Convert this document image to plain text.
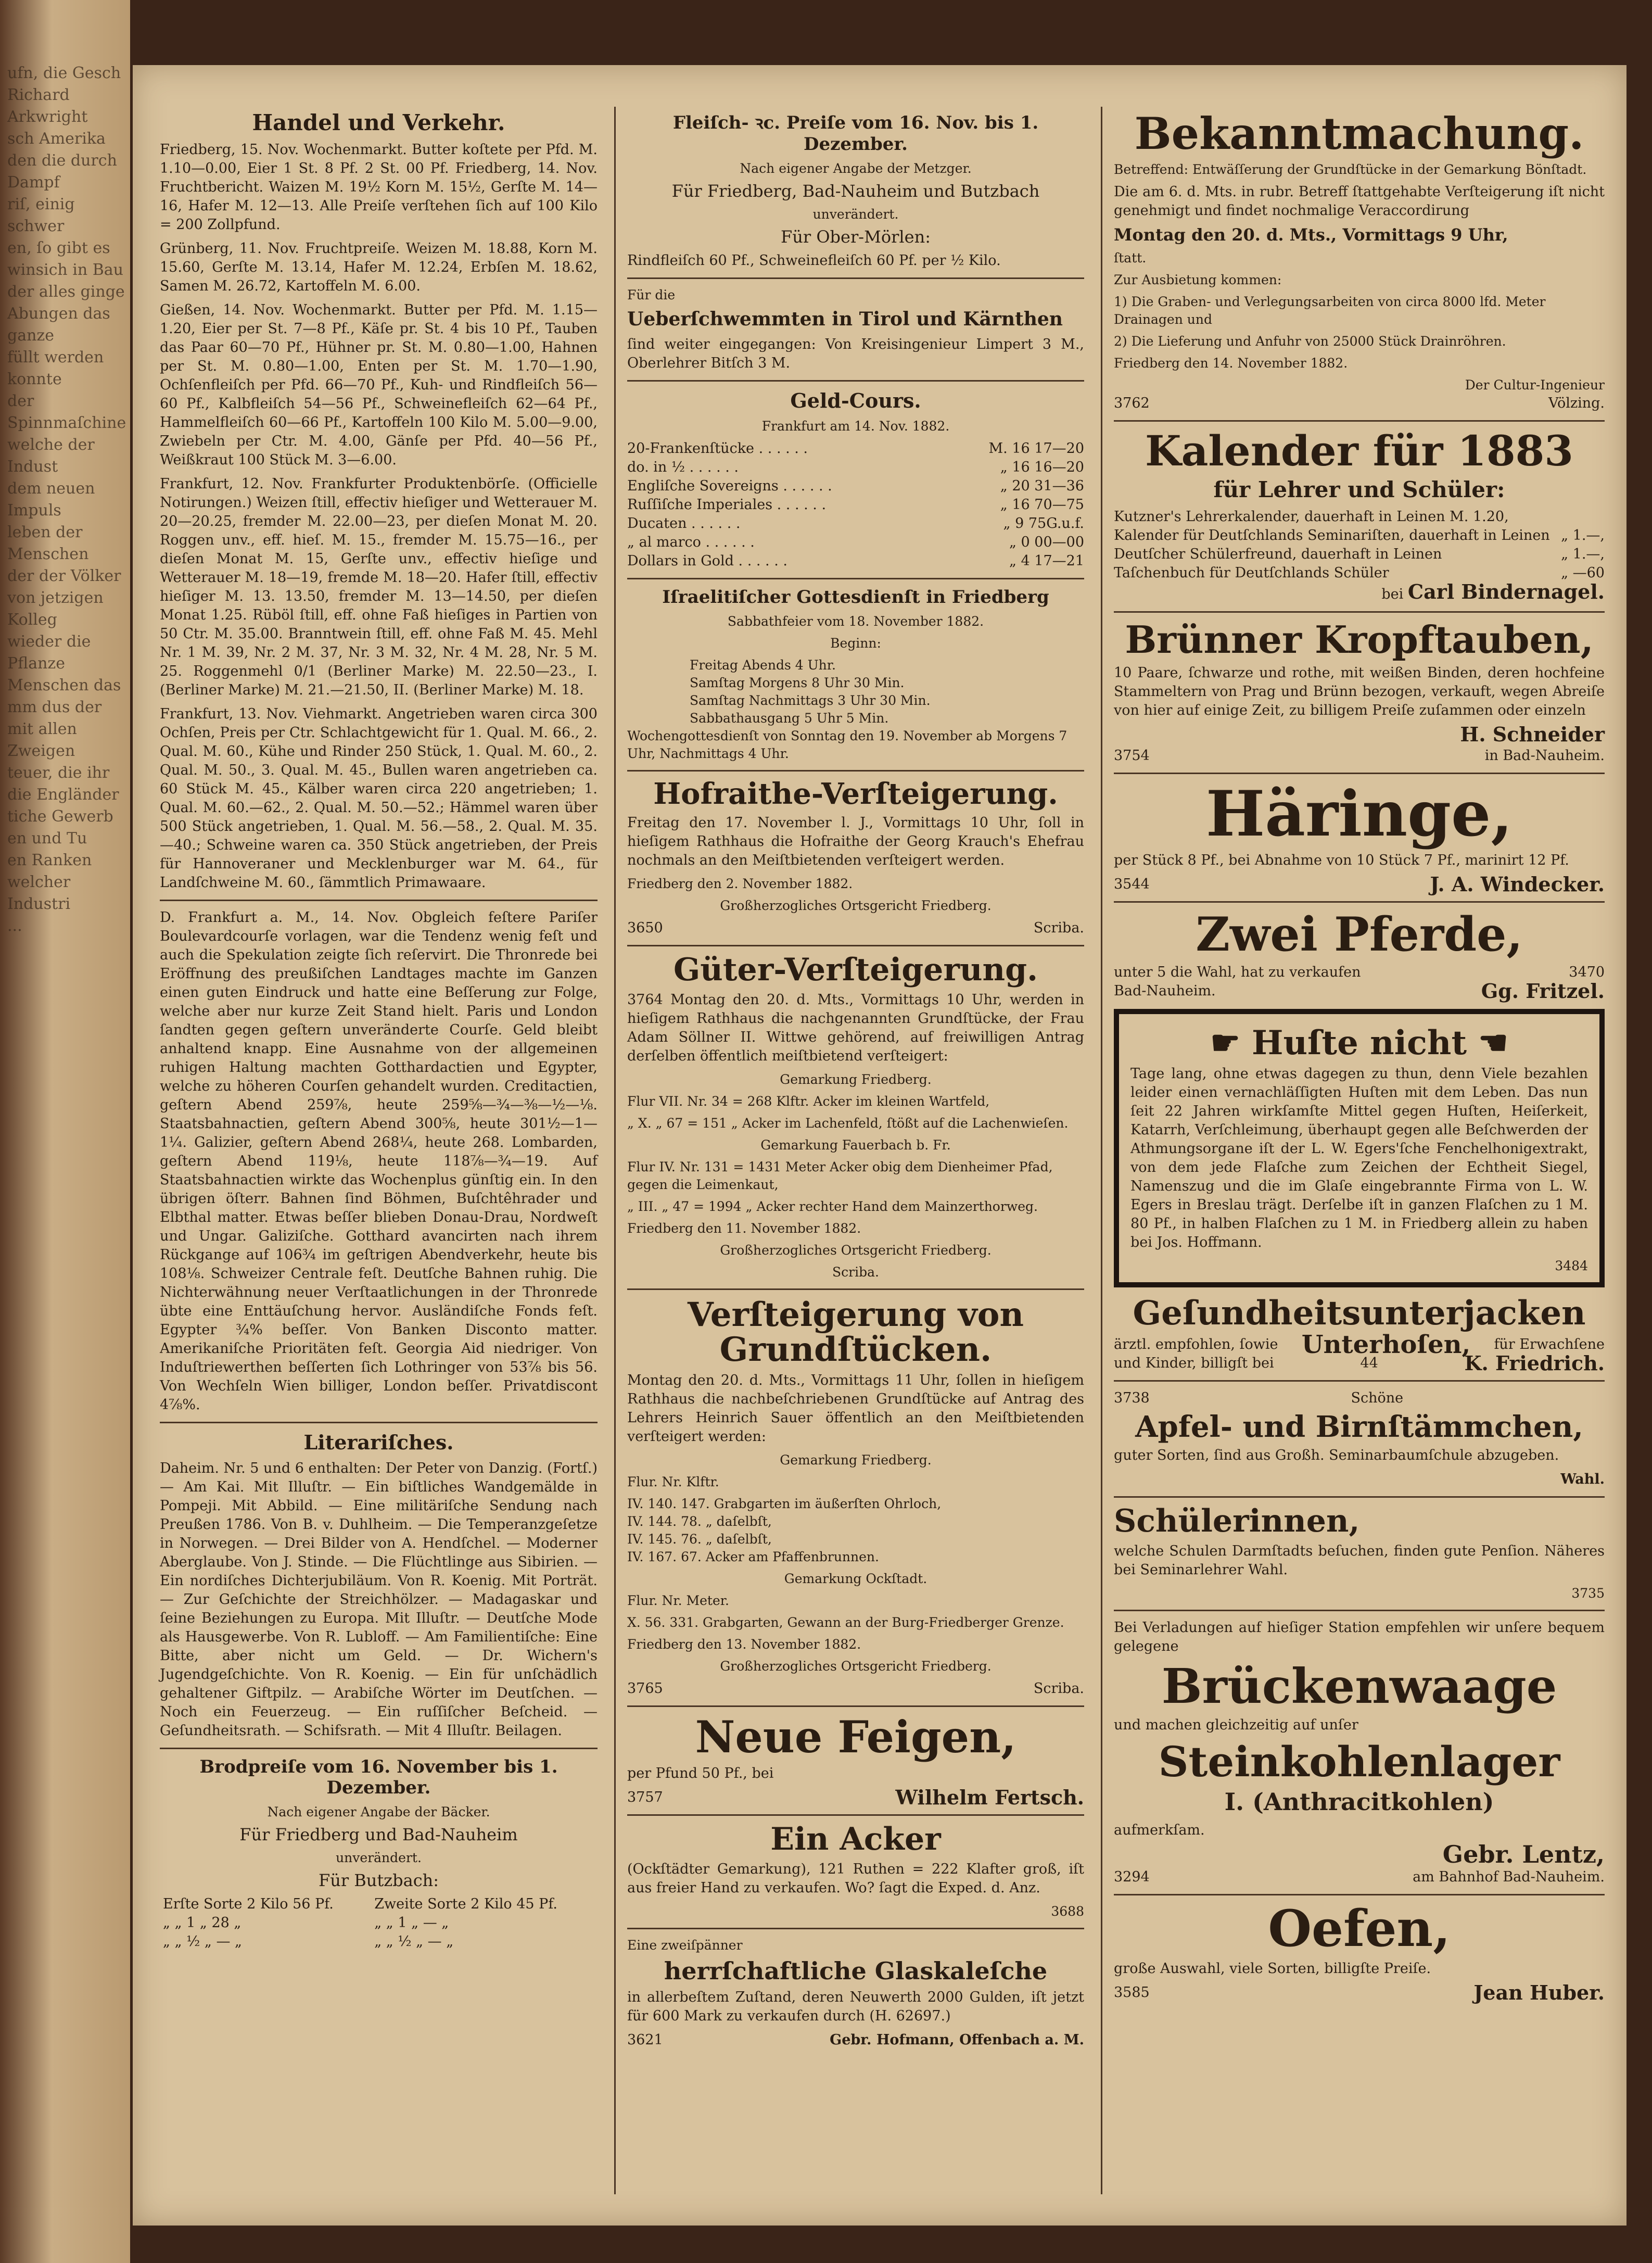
ufn, die Gesch
Richard Arkwright
sch Amerika
den die durch Dampf
riſ, einig schwer
en, ſo gibt es
winsich in Bau
der alles ginge
Abungen das ganze
füllt werden konnte
der Spinnmaſchine
welche der Indust
dem neuen Impuls
leben der Menschen
der der Völker
von jetzigen Kolleg
wieder die Pflanze
Menschen das
mm dus der
mit allen Zweigen
teuer, die ihr
die Engländer
tiche Gewerb
en und Tu
en Ranken
welcher Industri
...

Handel und Verkehr.

Friedberg, 15. Nov. Wochenmarkt. Butter koſtete per Pfd. M. 1.10—0.00, Eier 1 St. 8 Pf. 2 St. 00 Pf. Friedberg, 14. Nov. Fruchtbericht. Waizen M. 19½ Korn M. 15½, Gerſte M. 14—16, Hafer M. 12—13. Alle Preiſe verſtehen ſich auf 100 Kilo = 200 Zollpfund.

Grünberg, 11. Nov. Fruchtpreiſe. Weizen M. 18.88, Korn M. 15.60, Gerſte M. 13.14, Hafer M. 12.24, Erbſen M. 18.62, Samen M. 26.72, Kartoffeln M. 6.00.

Gießen, 14. Nov. Wochenmarkt. Butter per Pfd. M. 1.15—1.20, Eier per St. 7—8 Pf., Käſe pr. St. 4 bis 10 Pf., Tauben das Paar 60—70 Pf., Hühner pr. St. M. 0.80—1.00, Hahnen per St. M. 0.80—1.00, Enten per St. M. 1.70—1.90, Ochſenfleiſch per Pfd. 66—70 Pf., Kuh- und Rindfleiſch 56—60 Pf., Kalbfleiſch 54—56 Pf., Schweinefleiſch 62—64 Pf., Hammelfleiſch 60—66 Pf., Kartoffeln 100 Kilo M. 5.00—9.00, Zwiebeln per Ctr. M. 4.00, Gänſe per Pfd. 40—56 Pf., Weißkraut 100 Stück M. 3—6.00.

Frankfurt, 12. Nov. Frankfurter Produktenbörſe. (Officielle Notirungen.) Weizen ſtill, effectiv hieſiger und Wetterauer M. 20—20.25, fremder M. 22.00—23, per dieſen Monat M. 20. Roggen unv., eff. hieſ. M. 15., fremder M. 15.75—16., per dieſen Monat M. 15, Gerſte unv., effectiv hieſige und Wetterauer M. 18—19, fremde M. 18—20. Hafer ſtill, effectiv hieſiger M. 13. 13.50, fremder M. 13—14.50, per dieſen Monat 1.25. Rüböl ſtill, eff. ohne Faß hieſiges in Partien von 50 Ctr. M. 35.00. Branntwein ſtill, eff. ohne Faß M. 45. Mehl Nr. 1 M. 39, Nr. 2 M. 37, Nr. 3 M. 32, Nr. 4 M. 28, Nr. 5 M. 25. Roggenmehl 0/1 (Berliner Marke) M. 22.50—23., I. (Berliner Marke) M. 21.—21.50, II. (Berliner Marke) M. 18.

Frankfurt, 13. Nov. Viehmarkt. Angetrieben waren circa 300 Ochſen, Preis per Ctr. Schlachtgewicht für 1. Qual. M. 66., 2. Qual. M. 60., Kühe und Rinder 250 Stück, 1. Qual. M. 60., 2. Qual. M. 50., 3. Qual. M. 45., Bullen waren angetrieben ca. 60 Stück M. 45., Kälber waren circa 220 angetrieben; 1. Qual. M. 60.—62., 2. Qual. M. 50.—52.; Hämmel waren über 500 Stück angetrieben, 1. Qual. M. 56.—58., 2. Qual. M. 35.—40.; Schweine waren ca. 350 Stück angetrieben, der Preis für Hannoveraner und Mecklenburger war M. 64., für Landſchweine M. 60., ſämmtlich Primawaare.

D. Frankfurt a. M., 14. Nov. Obgleich feſtere Pariſer Boulevardcourſe vorlagen, war die Tendenz wenig feſt und auch die Spekulation zeigte ſich reſervirt. Die Thronrede bei Eröffnung des preußiſchen Landtages machte im Ganzen einen guten Eindruck und hatte eine Beſſerung zur Folge, welche aber nur kurze Zeit Stand hielt. Paris und London ſandten gegen geſtern unveränderte Courſe. Geld bleibt anhaltend knapp. Eine Ausnahme von der allgemeinen ruhigen Haltung machten Gotthardactien und Egypter, welche zu höheren Courſen gehandelt wurden. Creditactien, geſtern Abend 259⅞, heute 259⅝—¾—⅜—½—⅛. Staatsbahnactien, geſtern Abend 300⅝, heute 301½—1—1¼. Galizier, geſtern Abend 268¼, heute 268. Lombarden, geſtern Abend 119⅛, heute 118⅞—¾—19. Auf Staatsbahnactien wirkte das Wochenplus günſtig ein. In den übrigen öſterr. Bahnen ſind Böhmen, Buſchtêhrader und Elbthal matter. Etwas beſſer blieben Donau-Drau, Nordweſt und Ungar. Galiziſche. Gotthard avancirten nach ihrem Rückgange auf 106¾ im geſtrigen Abendverkehr, heute bis 108⅛. Schweizer Centrale feſt. Deutſche Bahnen ruhig. Die Nichterwähnung neuer Verſtaatlichungen in der Thronrede übte eine Enttäuſchung hervor. Ausländiſche Fonds feſt. Egypter ¾% beſſer. Von Banken Disconto matter. Amerikaniſche Prioritäten feſt. Georgia Aid niedriger. Von Induſtriewerthen beſſerten ſich Lothringer von 53⅞ bis 56. Von Wechſeln Wien billiger, London beſſer. Privatdiscont 4⅞%.

Literariſches.

Daheim. Nr. 5 und 6 enthalten: Der Peter von Danzig. (Fortſ.) — Am Kai. Mit Illuſtr. — Ein biſtliches Wandgemälde in Pompeji. Mit Abbild. — Eine militäriſche Sendung nach Preußen 1786. Von B. v. Duhlheim. — Die Temperanzgeſetze in Norwegen. — Drei Bilder von A. Hendſchel. — Moderner Aberglaube. Von J. Stinde. — Die Flüchtlinge aus Sibirien. — Ein nordiſches Dichterjubiläum. Von R. Koenig. Mit Porträt. — Zur Geſchichte der Streichhölzer. — Madagaskar und ſeine Beziehungen zu Europa. Mit Illuſtr. — Deutſche Mode als Hausgewerbe. Von R. Lubloff. — Am Familientiſche: Eine Bitte, aber nicht um Geld. — Dr. Wichern's Jugendgeſchichte. Von R. Koenig. — Ein für unſchädlich gehaltener Giftpilz. — Arabiſche Wörter im Deutſchen. — Noch ein Feuerzeug. — Ein ruſſiſcher Beſcheid. — Geſundheitsrath. — Schifsrath. — Mit 4 Illuſtr. Beilagen.

Brodpreiſe vom 16. November bis 1. Dezember.

Nach eigener Angabe der Bäcker.

Für Friedberg und Bad-Nauheim

unverändert.

Für Butzbach:

Erſte Sorte 2 Kilo 56 Pf.	Zweite Sorte 2 Kilo 45 Pf.
„ „ 1 „ 28 „	„ „ 1 „ — „
„ „ ½ „ — „	„ „ ½ „ — „
Fleiſch- ꝛc. Preiſe vom 16. Nov. bis 1. Dezember.

Nach eigener Angabe der Metzger.

Für Friedberg, Bad-Nauheim und Butzbach

unverändert.

Für Ober-Mörlen:

Rindfleiſch 60 Pf., Schweinefleiſch 60 Pf. per ½ Kilo.

Für die

Ueberſchwemmten in Tirol und Kärnthen

ſind weiter eingegangen: Von Kreisingenieur Limpert 3 M., Oberlehrer Bitſch 3 M.

Geld-Cours.

Frankfurt am 14. Nov. 1882.

20-Frankenſtücke . . . . . .	M. 16 17—20
do. in ½ . . . . . .	„ 16 16—20
Engliſche Sovereigns . . . . . .	„ 20 31—36
Ruſſiſche Imperiales . . . . . .	„ 16 70—75
Ducaten . . . . . .	„ 9 75G.u.f.
„ al marco . . . . . .	„ 0 00—00
Dollars in Gold . . . . . .	„ 4 17—21
Iſraelitiſcher Gottesdienſt in Friedberg

Sabbathfeier vom 18. November 1882.

Beginn:

Freitag Abends 4 Uhr.

Samſtag Morgens 8 Uhr 30 Min.

Samſtag Nachmittags 3 Uhr 30 Min.

Sabbathausgang 5 Uhr 5 Min.

Wochengottesdienſt von Sonntag den 19. November ab Morgens 7 Uhr, Nachmittags 4 Uhr.

Hofraithe-Verſteigerung.

Freitag den 17. November l. J., Vormittags 10 Uhr, ſoll in hieſigem Rathhaus die Hofraithe der Georg Krauch's Ehefrau nochmals an den Meiſtbietenden verſteigert werden.

Friedberg den 2. November 1882.

Großherzogliches Ortsgericht Friedberg.

3650	Scriba.
Güter-Verſteigerung.

3764 Montag den 20. d. Mts., Vormittags 10 Uhr, werden in hieſigem Rathhaus die nachgenannten Grundſtücke, der Frau Adam Söllner II. Wittwe gehörend, auf freiwilligen Antrag derſelben öffentlich meiſtbietend verſteigert:

Gemarkung Friedberg.

Flur VII. Nr. 34 = 268 Klftr. Acker im kleinen Wartfeld,

„ X. „ 67 = 151 „ Acker im Lachenfeld, ſtößt auf die Lachenwieſen.

Gemarkung Fauerbach b. Fr.

Flur IV. Nr. 131 = 1431 Meter Acker obig dem Dienheimer Pfad, gegen die Leimenkaut,

„ III. „ 47 = 1994 „ Acker rechter Hand dem Mainzerthorweg.

Friedberg den 11. November 1882.

Großherzogliches Ortsgericht Friedberg.

Scriba.

Verſteigerung von Grundſtücken.

Montag den 20. d. Mts., Vormittags 11 Uhr, ſollen in hieſigem Rathhaus die nachbeſchriebenen Grundſtücke auf Antrag des Lehrers Heinrich Sauer öffentlich an den Meiſtbietenden verſteigert werden:

Gemarkung Friedberg.

Flur. Nr. Klftr.

IV. 140. 147. Grabgarten im äußerſten Ohrloch,

IV. 144. 78. „ daſelbſt,

IV. 145. 76. „ daſelbſt,

IV. 167. 67. Acker am Pfaffenbrunnen.

Gemarkung Ockſtadt.

Flur. Nr. Meter.

X. 56. 331. Grabgarten, Gewann an der Burg-Friedberger Grenze.

Friedberg den 13. November 1882.

Großherzogliches Ortsgericht Friedberg.

3765	Scriba.
Neue Feigen,

per Pfund 50 Pf., bei

3757	Wilhelm Fertsch.
Ein Acker

(Ockſtädter Gemarkung), 121 Ruthen = 222 Klafter groß, iſt aus freier Hand zu verkaufen. Wo? ſagt die Exped. d. Anz.

3688

Eine zweiſpänner

herrſchaftliche Glaskaleſche

in allerbeſtem Zuſtand, deren Neuwerth 2000 Gulden, iſt jetzt für 600 Mark zu verkaufen durch (H. 62697.)

3621	Gebr. Hofmann, Offenbach a. M.
Bekanntmachung.

Betreffend: Entwäſſerung der Grundſtücke in der Gemarkung Bönſtadt.

Die am 6. d. Mts. in rubr. Betreff ſtattgehabte Verſteigerung iſt nicht genehmigt und findet nochmalige Veraccordirung

Montag den 20. d. Mts., Vormittags 9 Uhr,

ſtatt.

Zur Ausbietung kommen:

1) Die Graben- und Verlegungsarbeiten von circa 8000 lfd. Meter Drainagen und

2) Die Lieferung und Anfuhr von 25000 Stück Drainröhren.

Friedberg den 14. November 1882.

Der Cultur-Ingenieur

3762	Völzing.
Kalender für 1883
für Lehrer und Schüler:
Kutzner's Lehrerkalender, dauerhaft in Leinen M. 1.20,
Kalender für Deutſchlands Seminariſten, dauerhaft in Leinen „ 1.—,
Deutſcher Schülerfreund, dauerhaft in Leinen	„ 1.—,
Taſchenbuch für Deutſchlands Schüler	„ —60

bei Carl Bindernagel.

Brünner Kropftauben,

10 Paare, ſchwarze und rothe, mit weißen Binden, deren hochfeine Stammeltern von Prag und Brünn bezogen, verkauft, wegen Abreiſe von hier auf einige Zeit, zu billigem Preiſe zuſammen oder einzeln

H. Schneider

3754	in Bad-Nauheim.
Häringe,

per Stück 8 Pf., bei Abnahme von 10 Stück 7 Pf., marinirt 12 Pf.

3544	J. A. Windecker.
Zwei Pferde,
unter 5 die Wahl, hat zu verkaufen	3470
Bad-Nauheim.	Gg. Fritzel.
☛ Huſte nicht ☚

Tage lang, ohne etwas dagegen zu thun, denn Viele bezahlen leider einen vernachläſſigten Huſten mit dem Leben. Das nun ſeit 22 Jahren wirkſamſte Mittel gegen Huſten, Heiſerkeit, Katarrh, Verſchleimung, überhaupt gegen alle Beſchwerden der Athmungsorgane iſt der L. W. Egers'ſche Fenchelhonigextrakt, von dem jede Flaſche zum Zeichen der Echtheit Siegel, Namenszug und die im Glaſe eingebrannte Firma von L. W. Egers in Breslau trägt. Derſelbe iſt in ganzen Flaſchen zu 1 M. 80 Pf., in halben Flaſchen zu 1 M. in Friedberg allein zu haben bei Jos. Hoffmann.

3484

Geſundheitsunterjacken
ärztl. empfohlen, ſowie Unterhoſen, für Erwachſene
und Kinder, billigſt bei	44	K. Friedrich.
3738	Schöne
Apfel- und Birnſtämmchen,

guter Sorten, ſind aus Großh. Seminarbaumſchule abzugeben.

Wahl.

Schülerinnen,

welche Schulen Darmſtadts beſuchen, finden gute Penſion. Näheres bei Seminarlehrer Wahl.

3735

Bei Verladungen auf hieſiger Station empfehlen wir unſere bequem gelegene

Brückenwaage

und machen gleichzeitig auf unſer

Steinkohlenlager
I. (Anthracitkohlen)

aufmerkſam.

Gebr. Lentz,

3294	am Bahnhof Bad-Nauheim.
Oefen,

große Auswahl, viele Sorten, billigſte Preiſe.

3585	Jean Huber.
